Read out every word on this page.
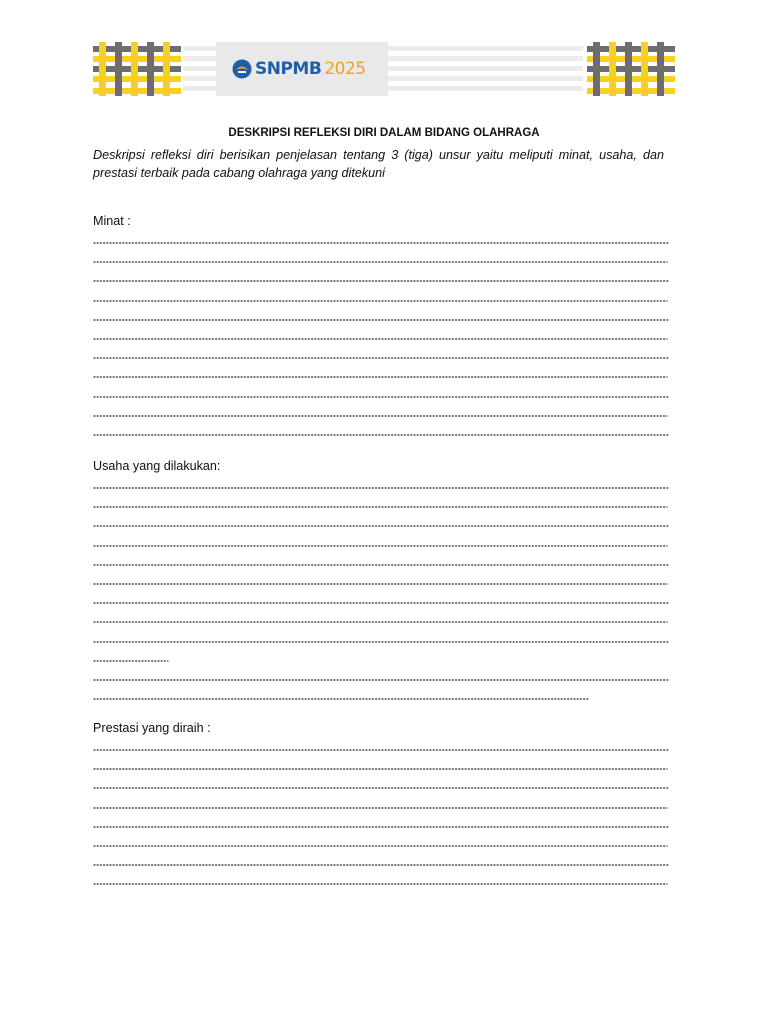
SNPMB 2025
DESKRIPSI REFLEKSI DIRI DALAM BIDANG OLAHRAGA
Deskripsi refleksi diri berisikan penjelasan tentang 3 (tiga) unsur yaitu meliputi minat, usaha, dan prestasi terbaik pada cabang olahraga yang ditekuni
Minat :
Usaha yang dilakukan:
Prestasi yang diraih :
